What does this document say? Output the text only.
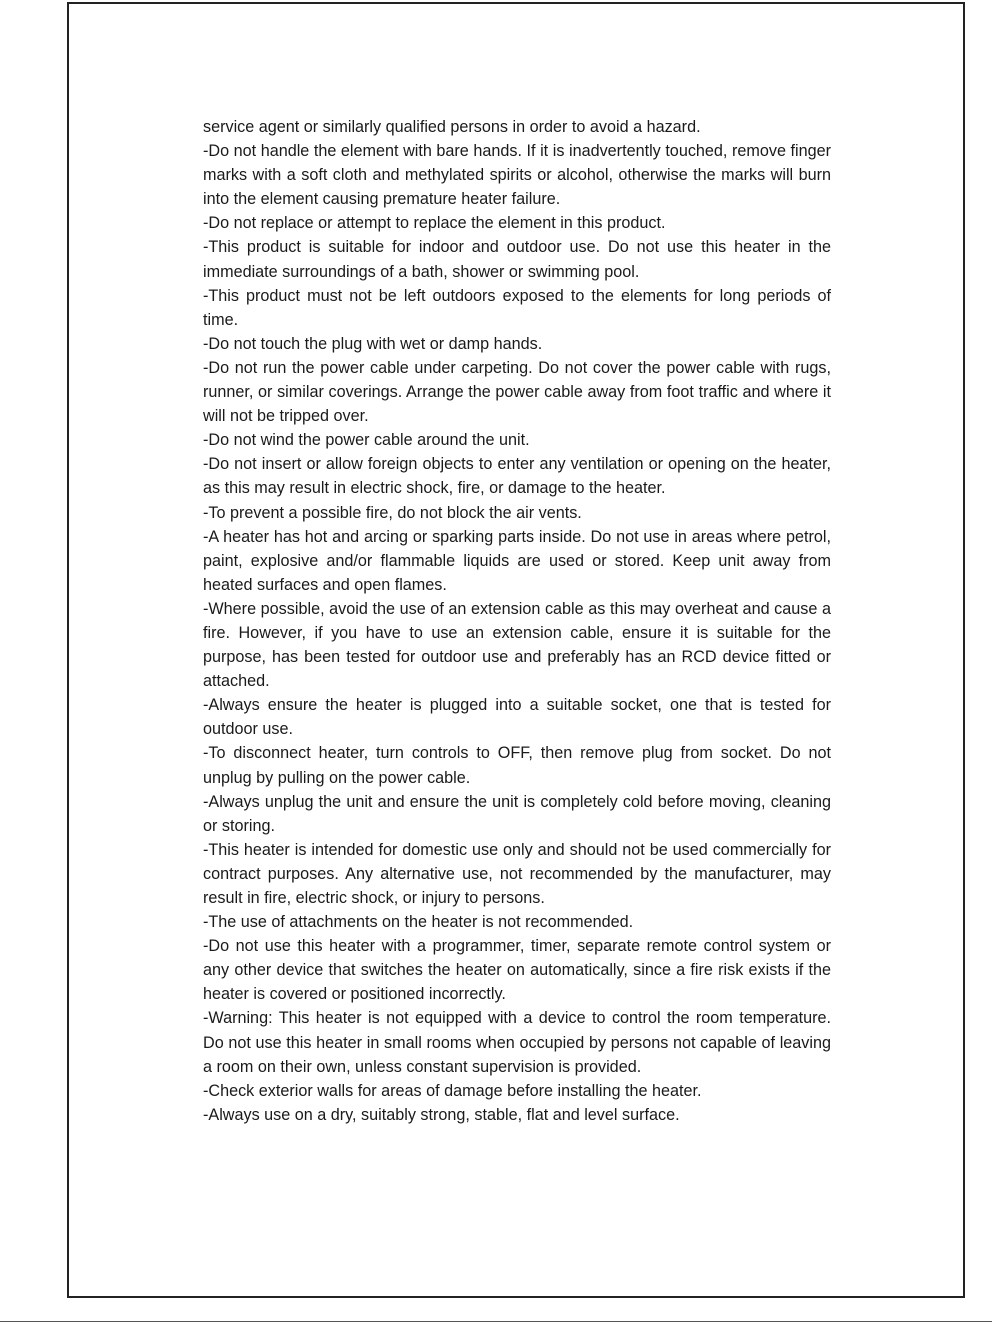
service agent or similarly qualified persons in order to avoid a hazard.

-Do not handle the element with bare hands. If it is inadvertently touched, remove finger marks with a soft cloth and methylated spirits or alcohol, otherwise the marks will burn into the element causing premature heater failure.

-Do not replace or attempt to replace the element in this product.

-This product is suitable for indoor and outdoor use. Do not use this heater in the immediate surroundings of a bath, shower or swimming pool.

-This product must not be left outdoors exposed to the elements for long periods of time.

-Do not touch the plug with wet or damp hands.

-Do not run the power cable under carpeting. Do not cover the power cable with rugs, runner, or similar coverings. Arrange the power cable away from foot traffic and where it will not be tripped over.

-Do not wind the power cable around the unit.

-Do not insert or allow foreign objects to enter any ventilation or opening on the heater, as this may result in electric shock, fire, or damage to the heater.

-To prevent a possible fire, do not block the air vents.

-A heater has hot and arcing or sparking parts inside. Do not use in areas where petrol, paint, explosive and/or flammable liquids are used or stored. Keep unit away from heated surfaces and open flames.

-Where possible, avoid the use of an extension cable as this may overheat and cause a fire. However, if you have to use an extension cable, ensure it is suitable for the purpose, has been tested for outdoor use and preferably has an RCD device fitted or attached.

-Always ensure the heater is plugged into a suitable socket, one that is tested for outdoor use.

-To disconnect heater, turn controls to OFF, then remove plug from socket. Do not unplug by pulling on the power cable.

-Always unplug the unit and ensure the unit is completely cold before moving, cleaning or storing.

-This heater is intended for domestic use only and should not be used commercially for contract purposes. Any alternative use, not recommended by the manufacturer, may result in fire, electric shock, or injury to persons.

-The use of attachments on the heater is not recommended.

-Do not use this heater with a programmer, timer, separate remote control system or any other device that switches the heater on automatically, since a fire risk exists if the heater is covered or positioned incorrectly.

-Warning: This heater is not equipped with a device to control the room temperature. Do not use this heater in small rooms when occupied by persons not capable of leaving a room on their own, unless constant supervision is provided.

-Check exterior walls for areas of damage before installing the heater.

-Always use on a dry, suitably strong, stable, flat and level surface.
